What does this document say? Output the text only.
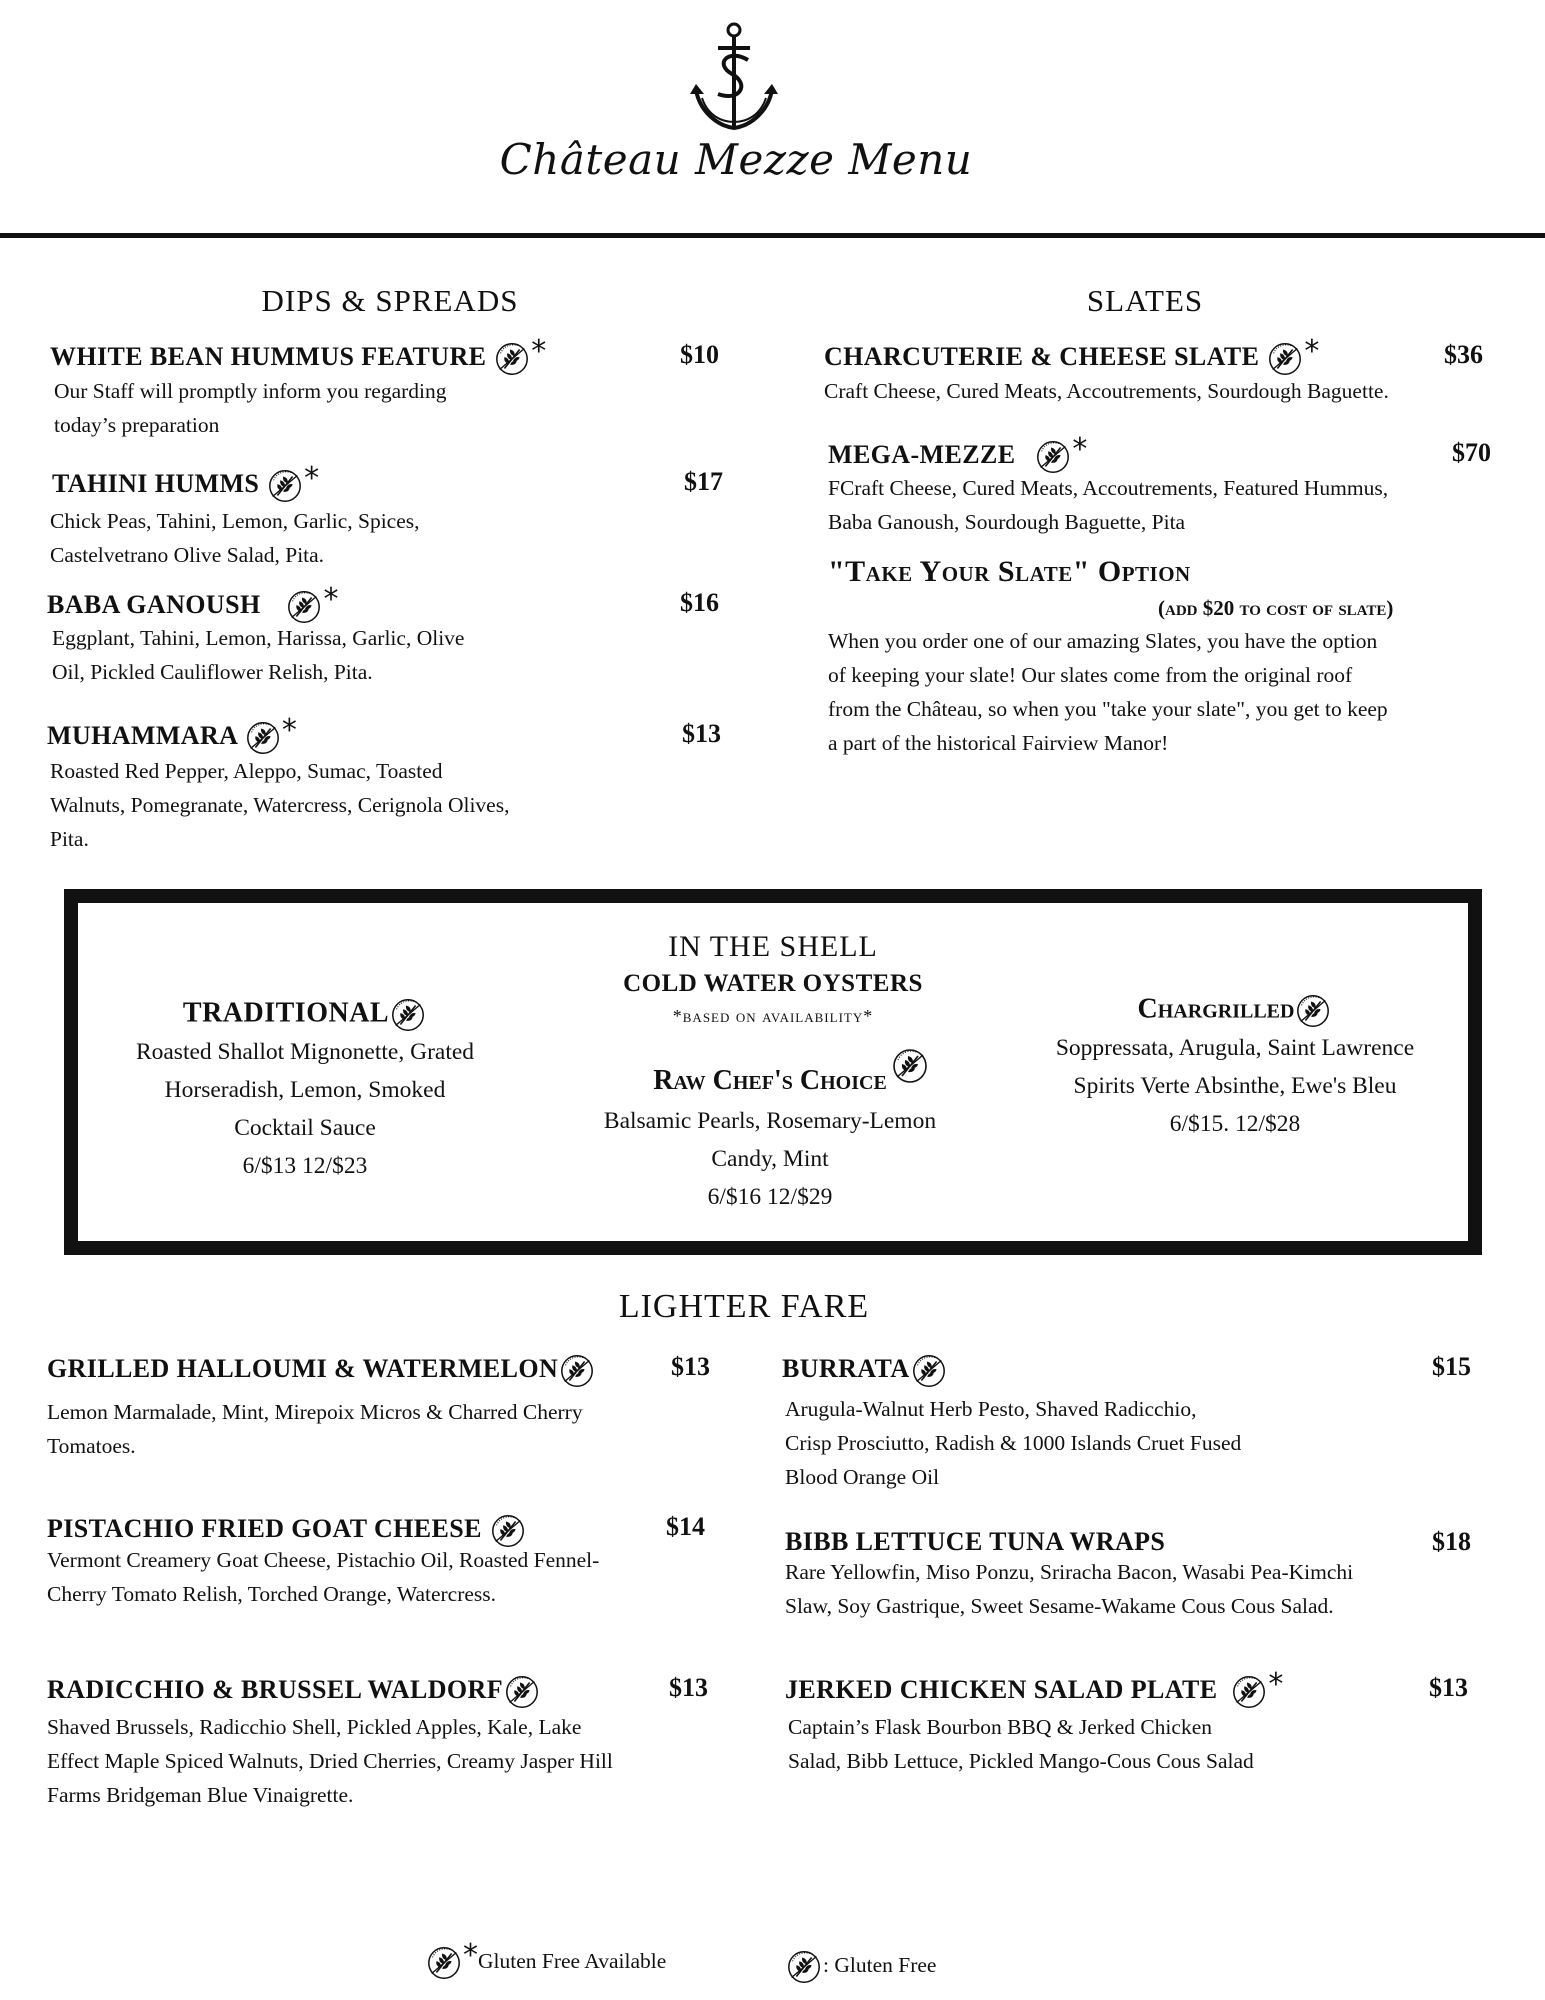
Château Mezze Menu
DIPS & SPREADS
WHITE BEAN HUMMUS FEATURE *	$10
Our Staff will promptly inform you regarding
today’s preparation
TAHINI HUMMS *	$17
Chick Peas, Tahini, Lemon, Garlic, Spices,
Castelvetrano Olive Salad, Pita.
BABA GANOUSH *	$16
Eggplant, Tahini, Lemon, Harissa, Garlic, Olive
Oil, Pickled Cauliflower Relish, Pita.
MUHAMMARA *	$13
Roasted Red Pepper, Aleppo, Sumac, Toasted
Walnuts, Pomegranate, Watercress, Cerignola Olives,
Pita.
SLATES
CHARCUTERIE & CHEESE SLATE *	$36
Craft Cheese, Cured Meats, Accoutrements, Sourdough Baguette.
MEGA-MEZZE *	$70
FCraft Cheese, Cured Meats, Accoutrements, Featured Hummus,
Baba Ganoush, Sourdough Baguette, Pita
"Take Your Slate" Option
(add $20 to cost of slate)
When you order one of our amazing Slates, you have the option
of keeping your slate! Our slates come from the original roof
from the Château, so when you "take your slate", you get to keep
a part of the historical Fairview Manor!
IN THE SHELL
COLD WATER OYSTERS
*based on availability*
TRADITIONAL
Roasted Shallot Mignonette, Grated
Horseradish, Lemon, Smoked
Cocktail Sauce
6/$13 12/$23
Raw Chef's Choice
Balsamic Pearls, Rosemary-Lemon
Candy, Mint
6/$16 12/$29
Chargrilled
Soppressata, Arugula, Saint Lawrence
Spirits Verte Absinthe, Ewe's Bleu
6/$15. 12/$28
LIGHTER FARE
GRILLED HALLOUMI & WATERMELON	$13
Lemon Marmalade, Mint, Mirepoix Micros & Charred Cherry
Tomatoes.
PISTACHIO FRIED GOAT CHEESE	$14
Vermont Creamery Goat Cheese, Pistachio Oil, Roasted Fennel-
Cherry Tomato Relish, Torched Orange, Watercress.
RADICCHIO & BRUSSEL WALDORF	$13
Shaved Brussels, Radicchio Shell, Pickled Apples, Kale, Lake
Effect Maple Spiced Walnuts, Dried Cherries, Creamy Jasper Hill
Farms Bridgeman Blue Vinaigrette.
BURRATA	$15
Arugula-Walnut Herb Pesto, Shaved Radicchio,
Crisp Prosciutto, Radish & 1000 Islands Cruet Fused
Blood Orange Oil
BIBB LETTUCE TUNA WRAPS	$18
Rare Yellowfin, Miso Ponzu, Sriracha Bacon, Wasabi Pea-Kimchi
Slaw, Soy Gastrique, Sweet Sesame-Wakame Cous Cous Salad.
JERKED CHICKEN SALAD PLATE *	$13
Captain’s Flask Bourbon BBQ & Jerked Chicken
Salad, Bibb Lettuce, Pickled Mango-Cous Cous Salad
*Gluten Free Available	: Gluten Free
